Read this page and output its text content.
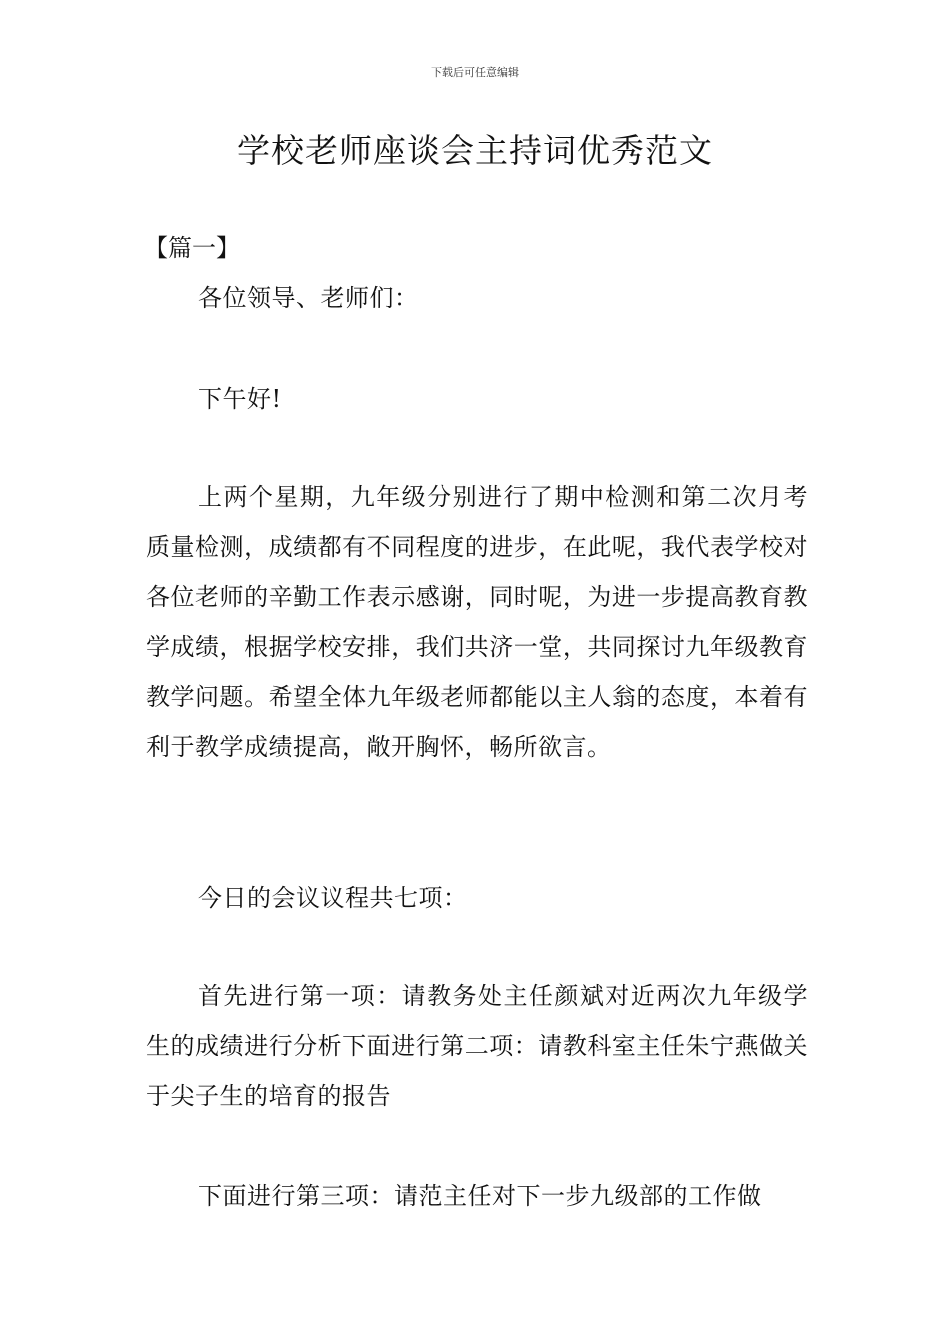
下载后可任意编辑
学校老师座谈会主持词优秀范文
【篇一】

各位领导、老师们：

下午好!

上两个星期，九年级分别进行了期中检测和第二次月考质量检测，成绩都有不同程度的进步，在此呢，我代表学校对各位老师的辛勤工作表示感谢，同时呢，为进一步提高教育教学成绩，根据学校安排，我们共济一堂，共同探讨九年级教育教学问题。希望全体九年级老师都能以主人翁的态度，本着有利于教学成绩提高，敞开胸怀，畅所欲言。

今日的会议议程共七项：

首先进行第一项：请教务处主任颜斌对近两次九年级学生的成绩进行分析下面进行第二项：请教科室主任朱宁燕做关于尖子生的培育的报告

下面进行第三项：请范主任对下一步九级部的工作做
